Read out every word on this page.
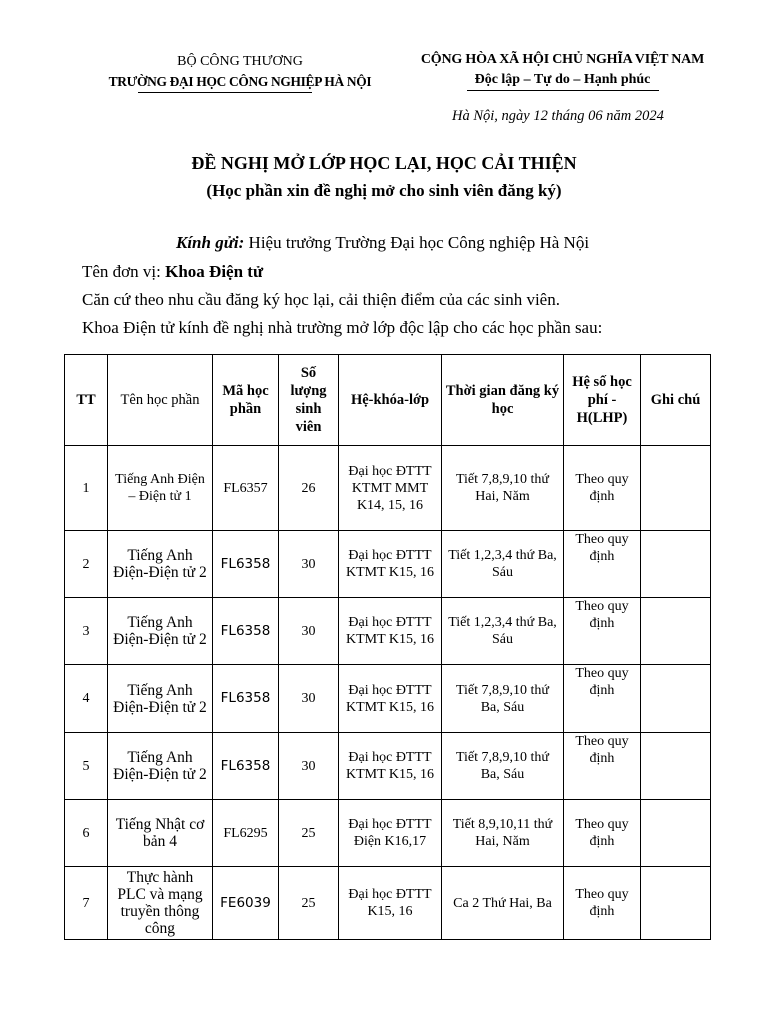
BỘ CÔNG THƯƠNG
TRƯỜNG ĐẠI HỌC CÔNG NGHIỆP HÀ NỘI
CỘNG HÒA XÃ HỘI CHỦ NGHĨA VIỆT NAM
Độc lập – Tự do – Hạnh phúc
Hà Nội, ngày 12 tháng 06 năm 2024
ĐỀ NGHỊ MỞ LỚP HỌC LẠI, HỌC CẢI THIỆN
(Học phần xin đề nghị mở cho sinh viên đăng ký)
Kính gửi: Hiệu trưởng Trường Đại học Công nghiệp Hà Nội
Tên đơn vị: Khoa Điện tử
Căn cứ theo nhu cầu đăng ký học lại, cải thiện điểm của các sinh viên.
Khoa Điện tử kính đề nghị nhà trường mở lớp độc lập cho các học phần sau:
TT	Tên học phần	Mã học phần	Số lượng sinh viên	Hệ-khóa-lớp	Thời gian đăng ký học	Hệ số học phí - H(LHP)	Ghi chú
1	Tiếng Anh Điện – Điện tử 1	FL6357	26	Đại học ĐTTT KTMT MMT K14, 15, 16	Tiết 7,8,9,10 thứ Hai, Năm	Theo quy định	
2	Tiếng Anh Điện-Điện tử 2	FL6358	30	Đại học ĐTTT KTMT K15, 16	Tiết 1,2,3,4 thứ Ba, Sáu	Theo quy định	
3	Tiếng Anh Điện-Điện tử 2	FL6358	30	Đại học ĐTTT KTMT K15, 16	Tiết 1,2,3,4 thứ Ba, Sáu	Theo quy định	
4	Tiếng Anh Điện-Điện tử 2	FL6358	30	Đại học ĐTTT KTMT K15, 16	Tiết 7,8,9,10 thứ Ba, Sáu	Theo quy định	
5	Tiếng Anh Điện-Điện tử 2	FL6358	30	Đại học ĐTTT KTMT K15, 16	Tiết 7,8,9,10 thứ Ba, Sáu	Theo quy định	
6	Tiếng Nhật cơ bản 4	FL6295	25	Đại học ĐTTT Điện K16,17	Tiết 8,9,10,11 thứ Hai, Năm	Theo quy định	
7	Thực hành PLC và mạng truyền thông công	FE6039	25	Đại học ĐTTT K15, 16	Ca 2 Thứ Hai, Ba	Theo quy định	
